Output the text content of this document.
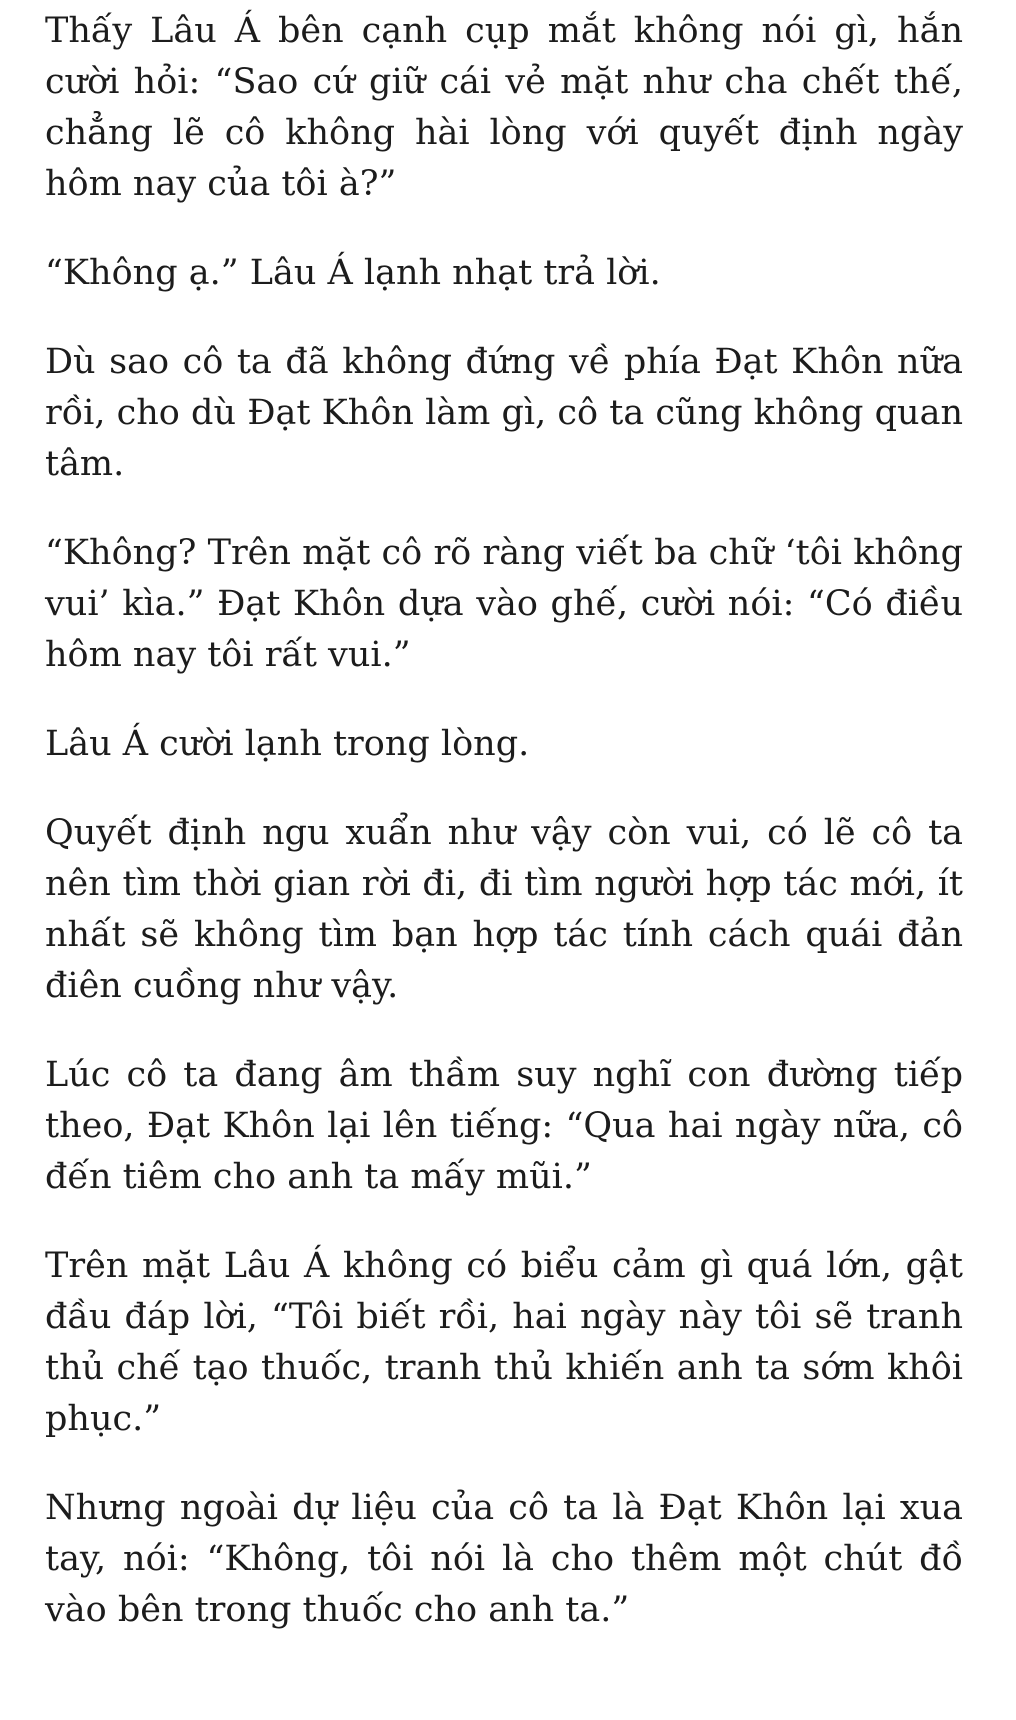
Thấy Lâu Á bên cạnh cụp mắt không nói gì, hắn cười hỏi: “Sao cứ giữ cái vẻ mặt như cha chết thế, chẳng lẽ cô không hài lòng với quyết định ngày hôm nay của tôi à?”

“Không ạ.” Lâu Á lạnh nhạt trả lời.

Dù sao cô ta đã không đứng về phía Đạt Khôn nữa rồi, cho dù Đạt Khôn làm gì, cô ta cũng không quan tâm.

“Không? Trên mặt cô rõ ràng viết ba chữ ‘tôi không vui’ kìa.” Đạt Khôn dựa vào ghế, cười nói: “Có điều hôm nay tôi rất vui.”

Lâu Á cười lạnh trong lòng.

Quyết định ngu xuẩn như vậy còn vui, có lẽ cô ta nên tìm thời gian rời đi, đi tìm người hợp tác mới, ít nhất sẽ không tìm bạn hợp tác tính cách quái đản điên cuồng như vậy.

Lúc cô ta đang âm thầm suy nghĩ con đường tiếp theo, Đạt Khôn lại lên tiếng: “Qua hai ngày nữa, cô đến tiêm cho anh ta mấy mũi.”

Trên mặt Lâu Á không có biểu cảm gì quá lớn, gật đầu đáp lời, “Tôi biết rồi, hai ngày này tôi sẽ tranh thủ chế tạo thuốc, tranh thủ khiến anh ta sớm khôi phục.”

Nhưng ngoài dự liệu của cô ta là Đạt Khôn lại xua tay, nói: “Không, tôi nói là cho thêm một chút đồ vào bên trong thuốc cho anh ta.”
